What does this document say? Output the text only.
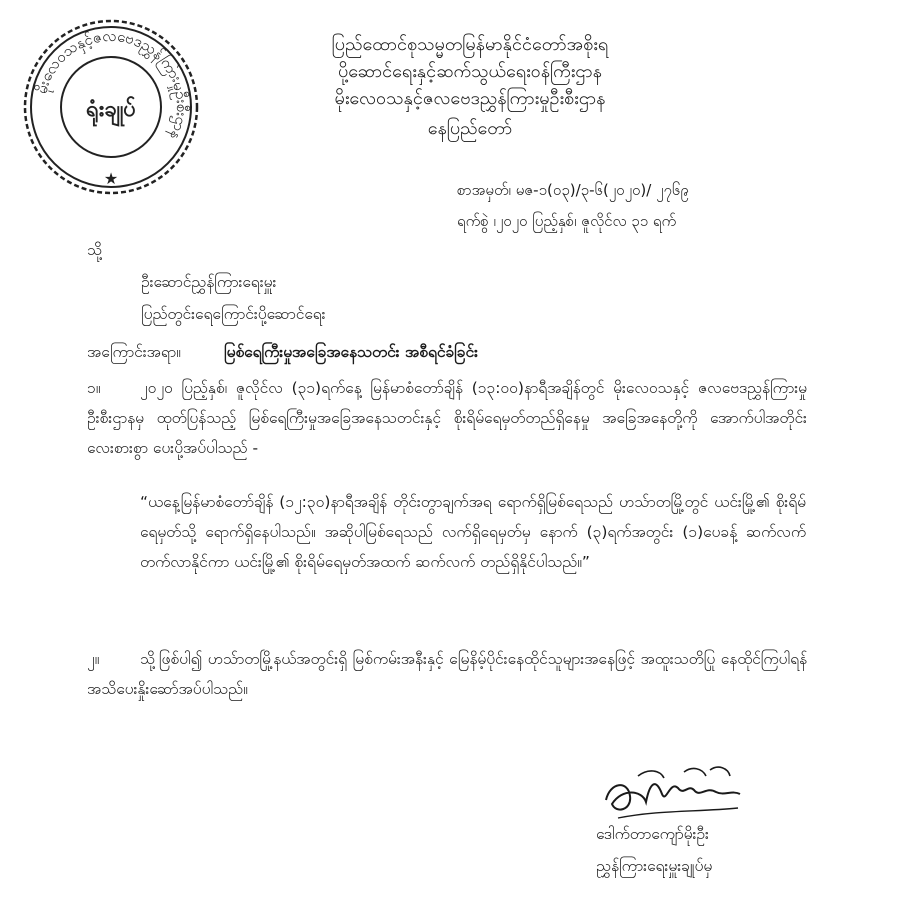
မိုးလေဝသနှင့်ဇလဗေဒညွှန်ကြားမှုဦးစီးဌာန
ရုံးချုပ်
★
ပြည်ထောင်စုသမ္မတမြန်မာနိုင်ငံတော်အစိုးရ
ပို့ဆောင်ရေးနှင့်ဆက်သွယ်ရေးဝန်ကြီးဌာန
မိုးလေဝသနှင့်ဇလဗေဒညွှန်ကြားမှုဦးစီးဌာန
နေပြည်တော်
စာအမှတ်၊ မဇ-၁(၀၃)/၃-၆(၂၀၂၀)/ ၂၇၆၉
ရက်စွဲ ၊၂၀၂၀ ပြည့်နှစ်၊ ဇူလိုင်လ ၃၁ ရက်
သို့
ဦးဆောင်ညွှန်ကြားရေးမှူး
ပြည်တွင်းရေကြောင်းပို့ဆောင်ရေး
အကြောင်းအရာ။	မြစ်ရေကြီးမှုအခြေအနေသတင်း အစီရင်ခံခြင်း
၁။	၂၀၂၀ ပြည့်နှစ်၊ ဇူလိုင်လ (၃၁)ရက်နေ့ မြန်မာစံတော်ချိန် (၁၃:၀၀)နာရီအချိန်တွင် မိုးလေဝသနှင့် ဇလဗေဒညွှန်ကြားမှုဦးစီးဌာနမှ ထုတ်ပြန်သည့် မြစ်ရေကြီးမှုအခြေအနေသတင်းနှင့် စိုးရိမ်ရေမှတ်တည်ရှိနေမှု အခြေအနေတို့ကို အောက်ပါအတိုင်း လေးစားစွာ ပေးပို့အပ်ပါသည် -
“ယနေ့မြန်မာစံတော်ချိန် (၁၂:၃၀)နာရီအချိန် တိုင်းတွာချက်အရ ရောက်ရှိမြစ်ရေသည် ဟသ်ာတမြို့တွင် ယင်းမြို့၏ စိုးရိမ်ရေမှတ်သို့ ရောက်ရှိနေပါသည်။ အဆိုပါမြစ်ရေသည် လက်ရှိရေမှတ်မှ နောက် (၃)ရက်အတွင်း (၁)ပေခန့် ဆက်လက်တက်လာနိုင်ကာ ယင်းမြို့၏ စိုးရိမ်ရေမှတ်အထက် ဆက်လက် တည်ရှိနိုင်ပါသည်။”
၂။	သို့ဖြစ်ပါ၍ ဟသ်ာတမြို့နယ်အတွင်းရှိ မြစ်ကမ်းအနီးနှင့် မြေနိမ့်ပိုင်းနေထိုင်သူများအနေဖြင့် အထူးသတိပြု နေထိုင်ကြပါရန် အသိပေးနှိုးဆော်အပ်ပါသည်။
ဒေါက်တာကျော်မိုးဦး
ညွှန်ကြားရေးမှူးချုပ်မှ
